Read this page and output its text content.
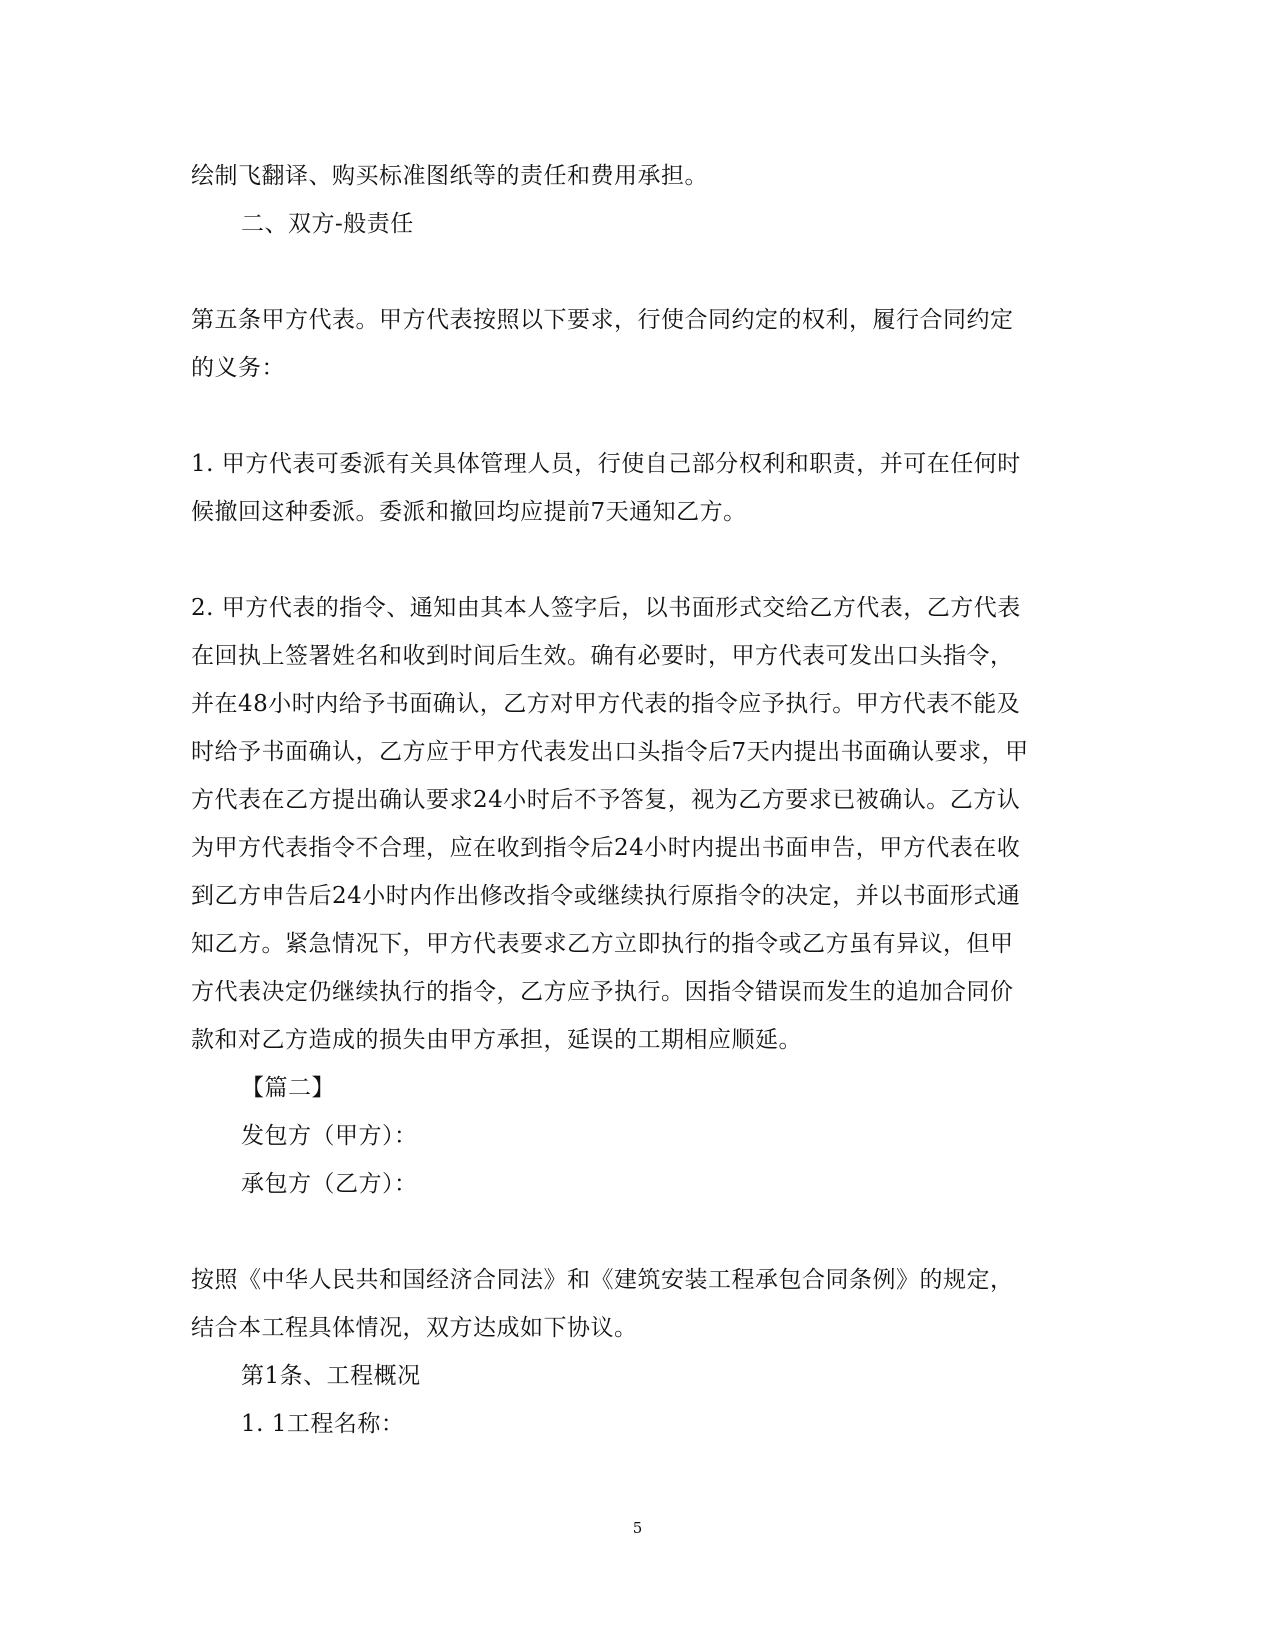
绘制飞翻译、购买标准图纸等的责任和费用承担。
二、双方-般责任
第五条甲方代表。甲方代表按照以下要求，行使合同约定的权利，履行合同约定
的义务：
1. 甲方代表可委派有关具体管理人员，行使自己部分权利和职责，并可在任何时
候撤回这种委派。委派和撤回均应提前7天通知乙方。
2. 甲方代表的指令、通知由其本人签字后，以书面形式交给乙方代表，乙方代表
在回执上签署姓名和收到时间后生效。确有必要时，甲方代表可发出口头指令，
并在48小时内给予书面确认，乙方对甲方代表的指令应予执行。甲方代表不能及
时给予书面确认，乙方应于甲方代表发出口头指令后7天内提出书面确认要求，甲
方代表在乙方提出确认要求24小时后不予答复，视为乙方要求已被确认。乙方认
为甲方代表指令不合理，应在收到指令后24小时内提出书面申告，甲方代表在收
到乙方申告后24小时内作出修改指令或继续执行原指令的决定，并以书面形式通
知乙方。紧急情况下，甲方代表要求乙方立即执行的指令或乙方虽有异议，但甲
方代表决定仍继续执行的指令，乙方应予执行。因指令错误而发生的追加合同价
款和对乙方造成的损失由甲方承担，延误的工期相应顺延。
【篇二】
发包方（甲方）：
承包方（乙方）：
按照《中华人民共和国经济合同法》和《建筑安装工程承包合同条例》的规定，
结合本工程具体情况，双方达成如下协议。
第1条、工程概况
1. 1工程名称：
5
